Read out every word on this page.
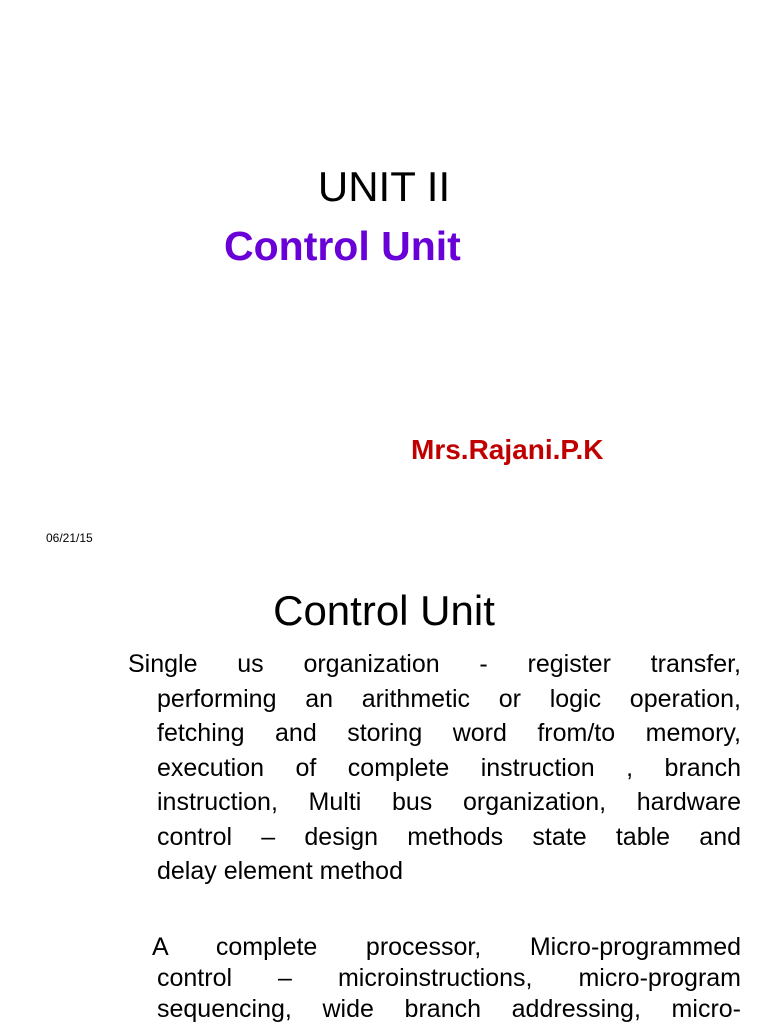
UNIT II
Control Unit
Mrs.Rajani.P.K
06/21/15
Control Unit

Single us organization - register transfer,
performing an arithmetic or logic operation,
fetching and storing word from/to memory,
execution of complete instruction , branch
instruction, Multi bus organization, hardware
control – design methods state table and
delay element method

A complete processor, Micro-programmed
control – microinstructions, micro-program
sequencing, wide branch addressing, micro-
